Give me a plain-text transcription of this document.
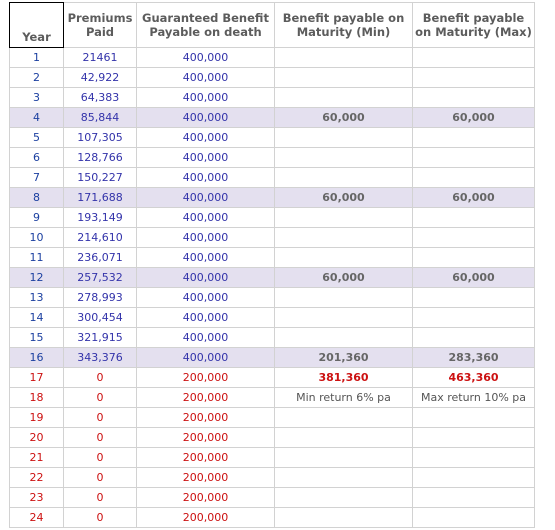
Year	Premiums Paid	Guaranteed Benefit Payable on death	Benefit payable on Maturity (Min)	Benefit payable on Maturity (Max)
1	21461	400,000		
2	42,922	400,000		
3	64,383	400,000		
4	85,844	400,000	60,000	60,000
5	107,305	400,000		
6	128,766	400,000		
7	150,227	400,000		
8	171,688	400,000	60,000	60,000
9	193,149	400,000		
10	214,610	400,000		
11	236,071	400,000		
12	257,532	400,000	60,000	60,000
13	278,993	400,000		
14	300,454	400,000		
15	321,915	400,000		
16	343,376	400,000	201,360	283,360
17	0	200,000	381,360	463,360
18	0	200,000	Min return 6% pa	Max return 10% pa
19	0	200,000		
20	0	200,000		
21	0	200,000		
22	0	200,000		
23	0	200,000		
24	0	200,000		
